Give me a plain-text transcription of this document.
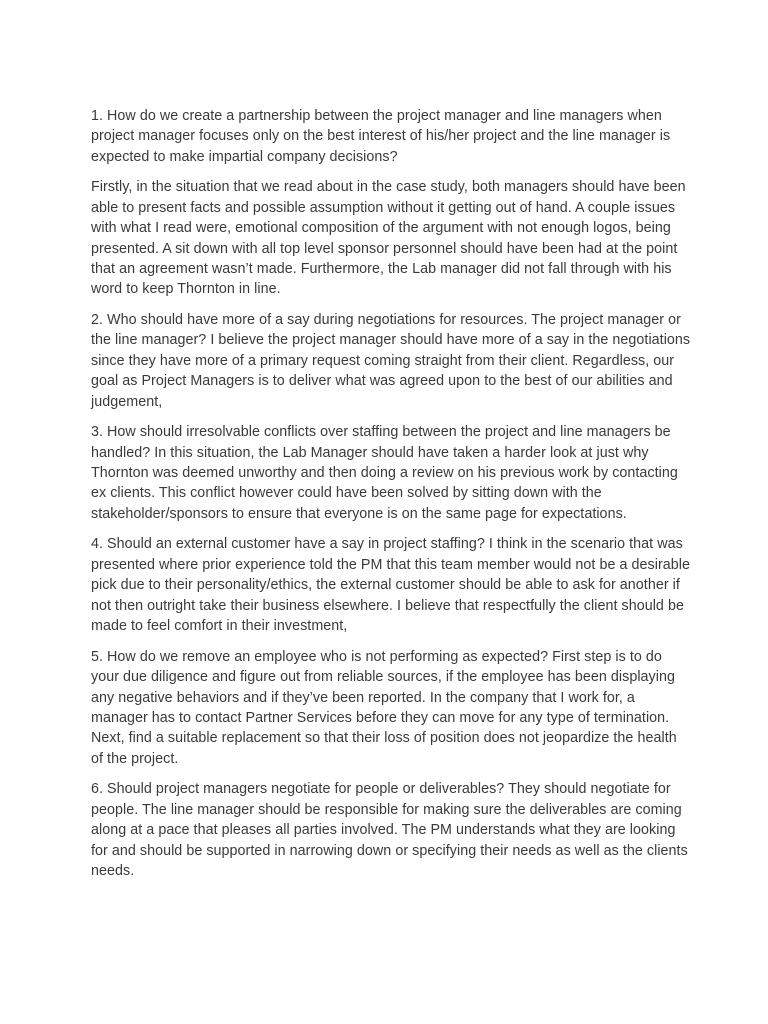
1. How do we create a partnership between the project manager and line managers when project manager focuses only on the best interest of his/her project and the line manager is expected to make impartial company decisions?

Firstly, in the situation that we read about in the case study, both managers should have been able to present facts and possible assumption without it getting out of hand. A couple issues with what I read were, emotional composition of the argument with not enough logos, being presented. A sit down with all top level sponsor personnel should have been had at the point that an agreement wasn’t made. Furthermore, the Lab manager did not fall through with his word to keep Thornton in line.

2. Who should have more of a say during negotiations for resources. The project manager or the line manager? I believe the project manager should have more of a say in the negotiations since they have more of a primary request coming straight from their client. Regardless, our goal as Project Managers is to deliver what was agreed upon to the best of our abilities and judgement,

3. How should irresolvable conflicts over staffing between the project and line managers be handled? In this situation, the Lab Manager should have taken a harder look at just why Thornton was deemed unworthy and then doing a review on his previous work by contacting ex clients. This conflict however could have been solved by sitting down with the stakeholder/sponsors to ensure that everyone is on the same page for expectations.

4. Should an external customer have a say in project staffing? I think in the scenario that was presented where prior experience told the PM that this team member would not be a desirable pick due to their personality/ethics, the external customer should be able to ask for another if not then outright take their business elsewhere. I believe that respectfully the client should be made to feel comfort in their investment,

5. How do we remove an employee who is not performing as expected? First step is to do your due diligence and figure out from reliable sources, if the employee has been displaying any negative behaviors and if they’ve been reported. In the company that I work for, a manager has to contact Partner Services before they can move for any type of termination. Next, find a suitable replacement so that their loss of position does not jeopardize the health of the project.

6. Should project managers negotiate for people or deliverables? They should negotiate for people. The line manager should be responsible for making sure the deliverables are coming along at a pace that pleases all parties involved. The PM understands what they are looking for and should be supported in narrowing down or specifying their needs as well as the clients needs.
